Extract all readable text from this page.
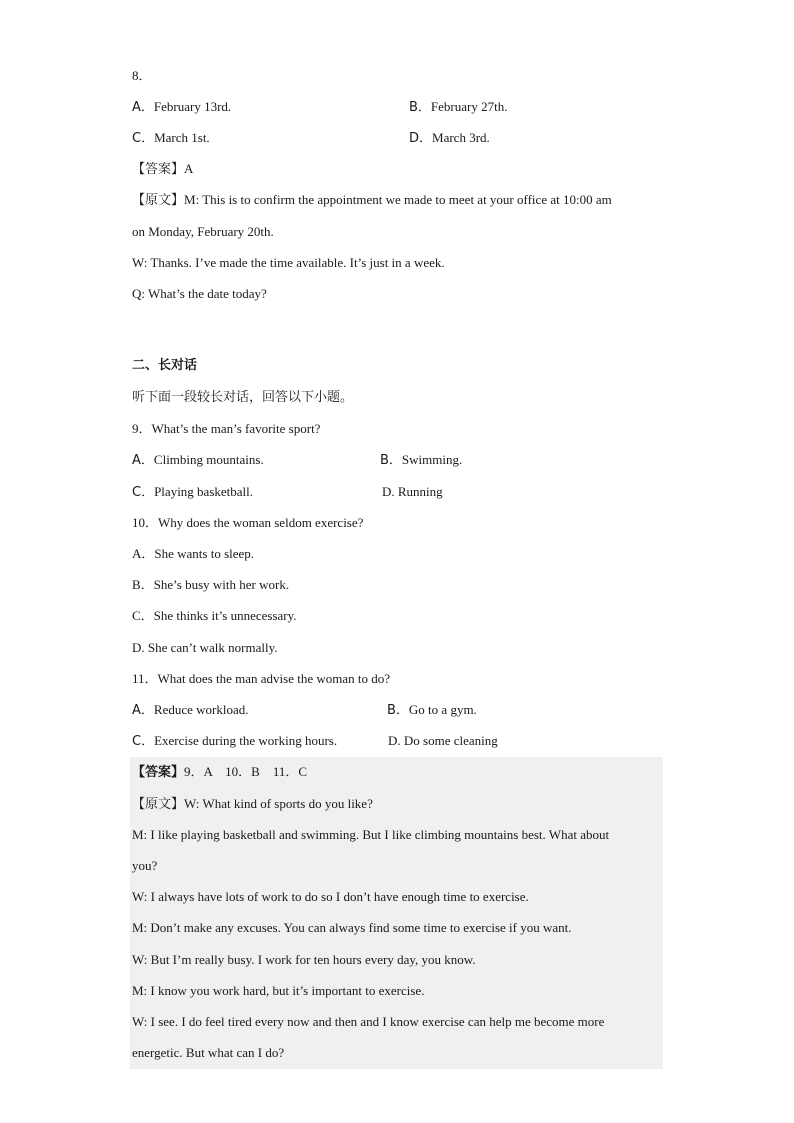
8．
A．February 13rd.	B．February 27th.
C．March 1st.	D．March 3rd.
【答案】A
【原文】M: This is to confirm the appointment we made to meet at your office at 10:00 am
on Monday, February 20th.
W: Thanks. I’ve made the time available. It’s just in a week.
Q: What’s the date today?
二、长对话
听下面一段较长对话，回答以下小题。
9．What’s the man’s favorite sport?
A．Climbing mountains.	B．Swimming.
C．Playing basketball.	D. Running
10．Why does the woman seldom exercise?
A．She wants to sleep.
B．She’s busy with her work.
C．She thinks it’s unnecessary.
D. She can’t walk normally.
11．What does the man advise the woman to do?
A．Reduce workload.	B．Go to a gym.
C．Exercise during the working hours.	D. Do some cleaning
【答案】9．A    10．B    11．C
【原文】W: What kind of sports do you like?
M: I like playing basketball and swimming. But I like climbing mountains best. What about
you?
W: I always have lots of work to do so I don’t have enough time to exercise.
M: Don’t make any excuses. You can always find some time to exercise if you want.
W: But I’m really busy. I work for ten hours every day, you know.
M: I know you work hard, but it’s important to exercise.
W: I see. I do feel tired every now and then and I know exercise can help me become more
energetic. But what can I do?
